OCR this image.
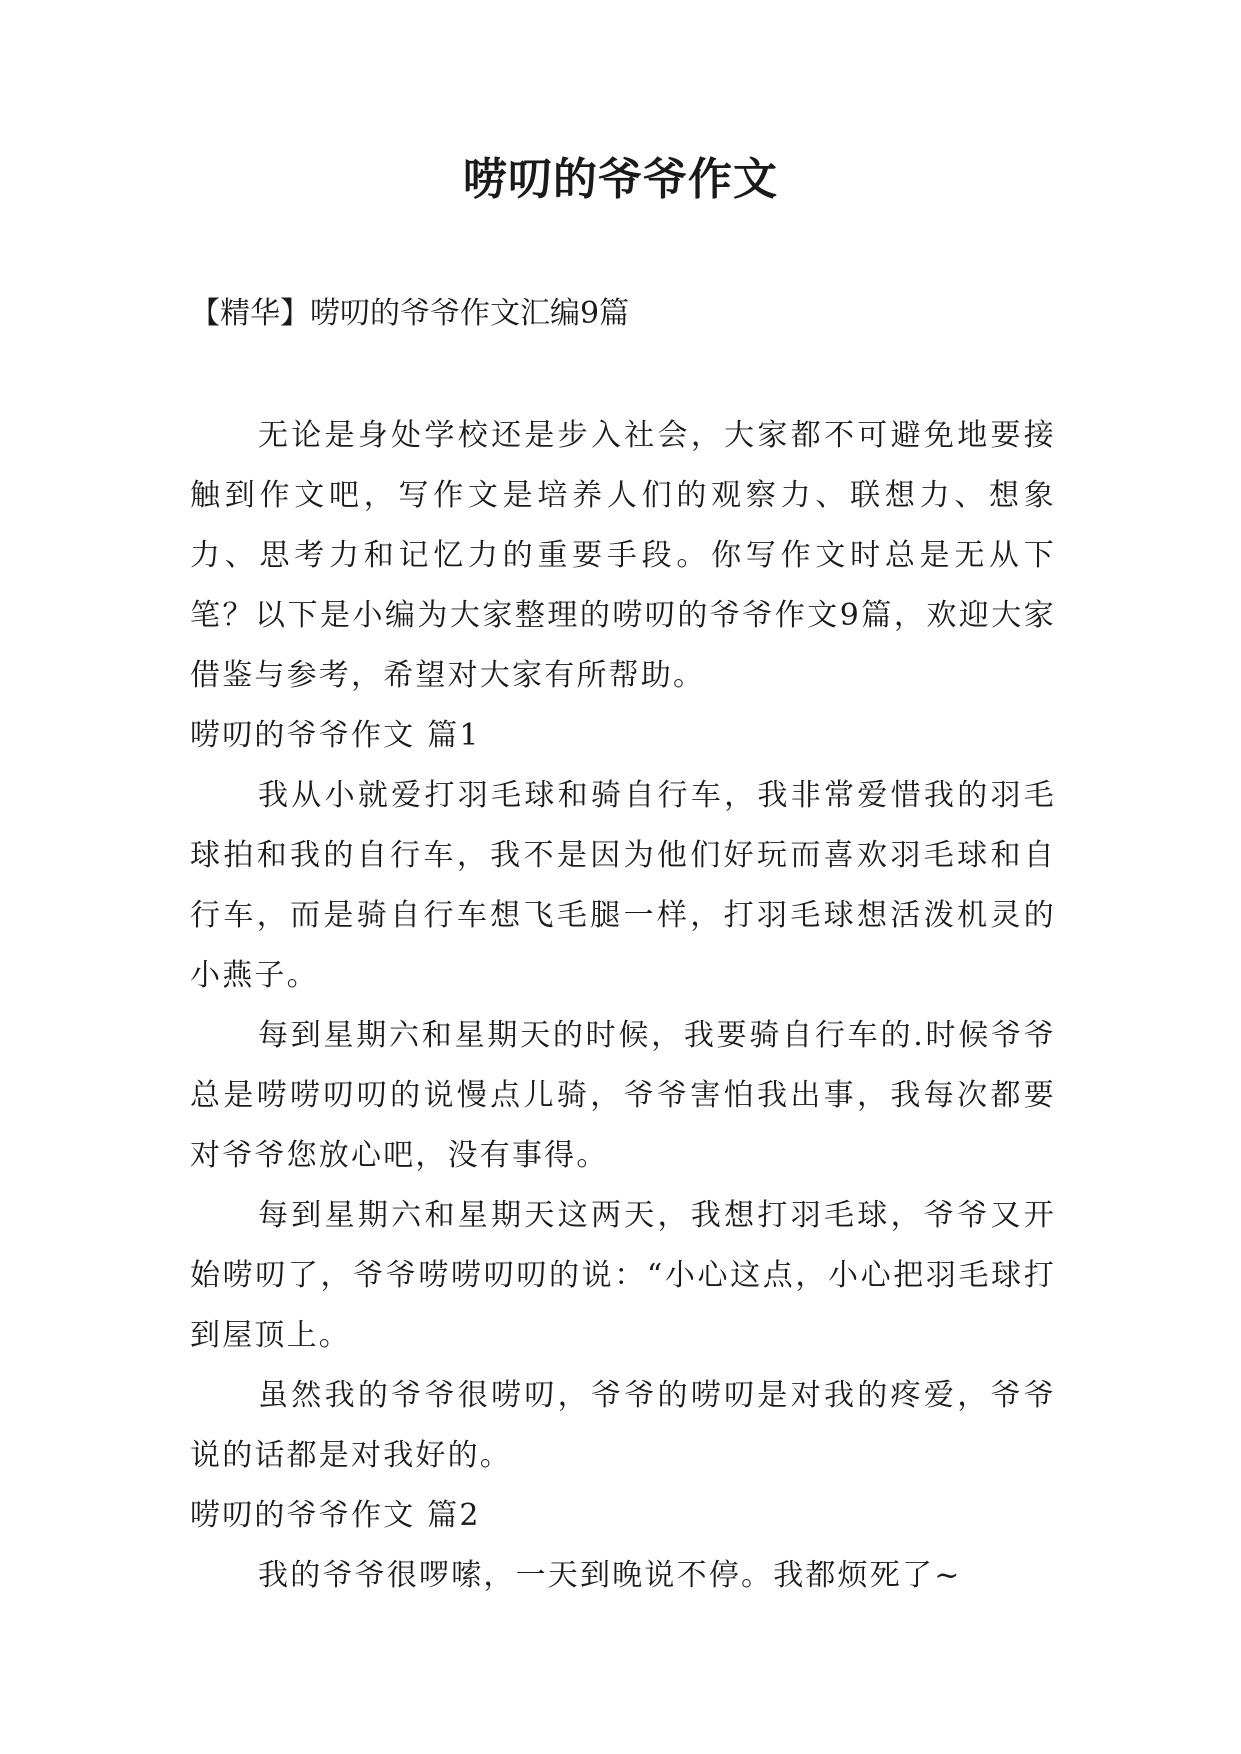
唠叨的爷爷作文
【精华】唠叨的爷爷作文汇编9篇

无论是身处学校还是步入社会，大家都不可避免地要接触到作文吧，写作文是培养人们的观察力、联想力、想象力、思考力和记忆力的重要手段。你写作文时总是无从下笔？以下是小编为大家整理的唠叨的爷爷作文9篇，欢迎大家借鉴与参考，希望对大家有所帮助。

唠叨的爷爷作文 篇1

我从小就爱打羽毛球和骑自行车，我非常爱惜我的羽毛球拍和我的自行车，我不是因为他们好玩而喜欢羽毛球和自行车，而是骑自行车想飞毛腿一样，打羽毛球想活泼机灵的小燕子。

每到星期六和星期天的时候，我要骑自行车的.时候爷爷总是唠唠叨叨的说慢点儿骑，爷爷害怕我出事，我每次都要对爷爷您放心吧，没有事得。

每到星期六和星期天这两天，我想打羽毛球，爷爷又开始唠叨了，爷爷唠唠叨叨的说：“小心这点，小心把羽毛球打到屋顶上。

虽然我的爷爷很唠叨，爷爷的唠叨是对我的疼爱，爷爷说的话都是对我好的。

唠叨的爷爷作文 篇2

我的爷爷很啰嗦，一天到晚说不停。我都烦死了~
